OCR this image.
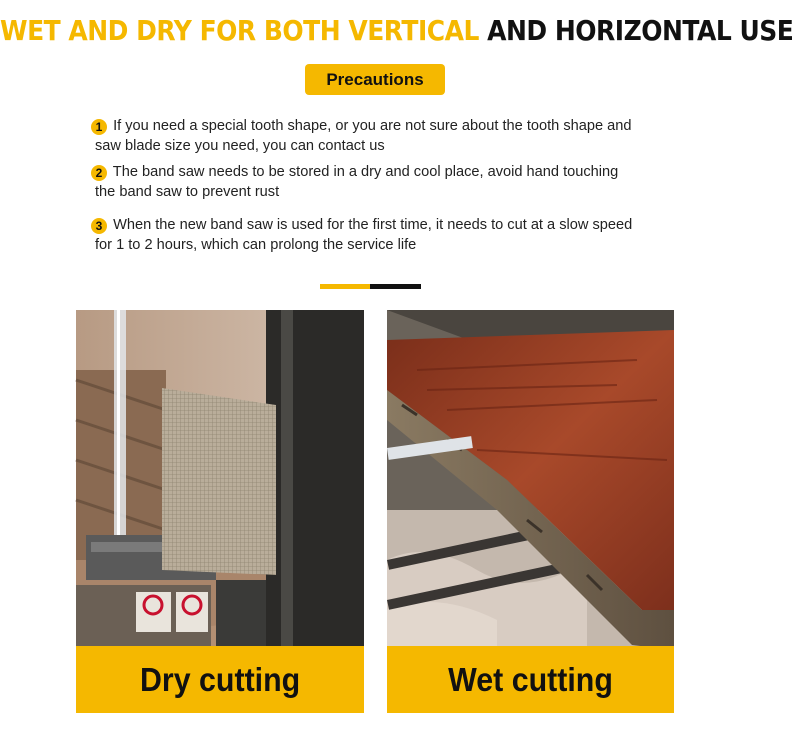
WET AND DRY FOR BOTH VERTICAL AND HORIZONTAL USE
Precautions
1 If you need a special tooth shape, or you are not sure about the tooth shape and
saw blade size you need, you can contact us
2 The band saw needs to be stored in a dry and cool place, avoid hand touching
the band saw to prevent rust
3 When the new band saw is used for the first time, it needs to cut at a slow speed
for 1 to 2 hours, which can prolong the service life
Dry cutting	Wet cutting
